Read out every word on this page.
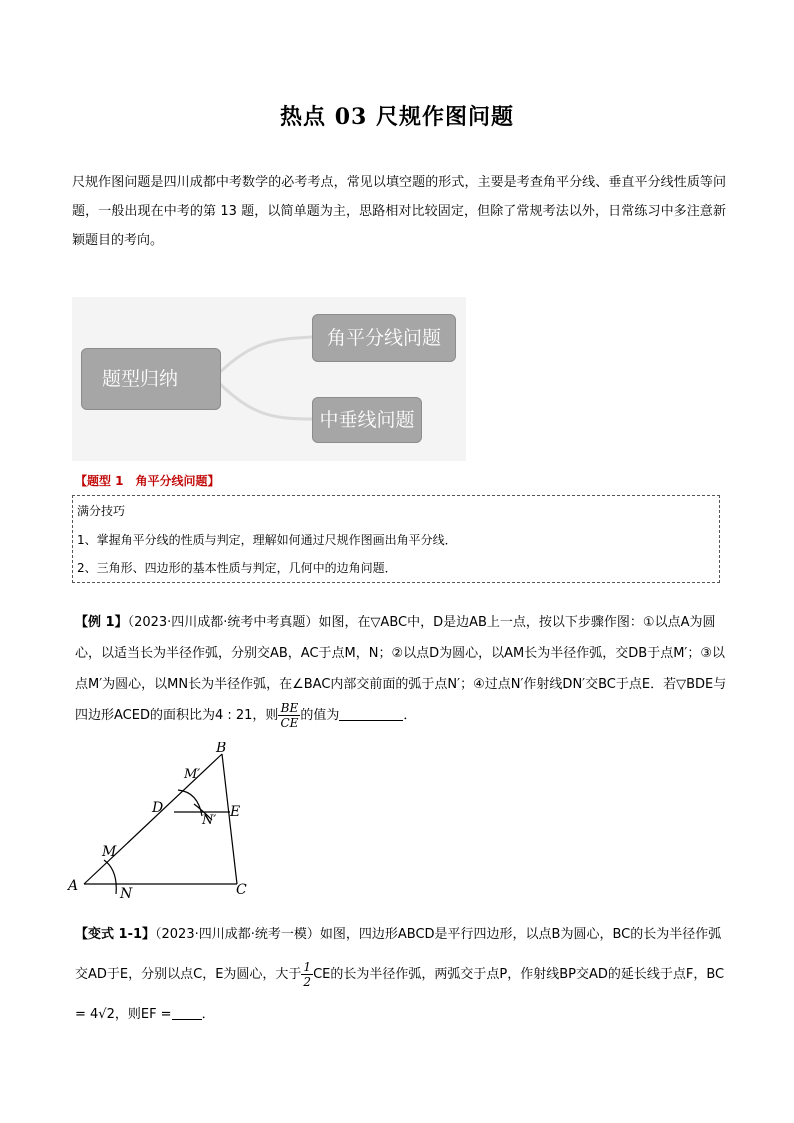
热点 03 尺规作图问题
尺规作图问题是四川成都中考数学的必考考点，常见以填空题的形式，主要是考查角平分线、垂直平分线性质等问题，一般出现在中考的第 13 题，以简单题为主，思路相对比较固定，但除了常规考法以外，日常练习中多注意新颖题目的考向。
题型归纳
角平分线问题
中垂线问题
【题型 1　角平分线问题】
满分技巧
1、掌握角平分线的性质与判定，理解如何通过尺规作图画出角平分线．
2、三角形、四边形的基本性质与判定，几何中的边角问题．
【例 1】（2023·四川成都·统考中考真题）如图，在▽ABC中，D是边AB上一点，按以下步骤作图：①以点A为圆心，以适当长为半径作弧，分别交AB，AC于点M，N；②以点D为圆心，以AM长为半径作弧，交DB于点M′；③以点M′为圆心，以MN长为半径作弧，在∠BAC内部交前面的弧于点N′；④过点N′作射线DN′交BC于点E．若▽BDE与四边形ACED的面积比为4 : 21，则 $\frac{BE}{CE}$ 的值为	．
B
M′
D	E
N′
M
A	N	C
【变式 1-1】（2023·四川成都·统考一模）如图，四边形ABCD是平行四边形，以点B为圆心，BC的长为半径作弧交AD于E，分别以点C，E为圆心，大于 $\frac{1}{2}$ CE的长为半径作弧，两弧交于点P，作射线BP交AD的延长线于点F，BC = 4√2，则EF = ．
